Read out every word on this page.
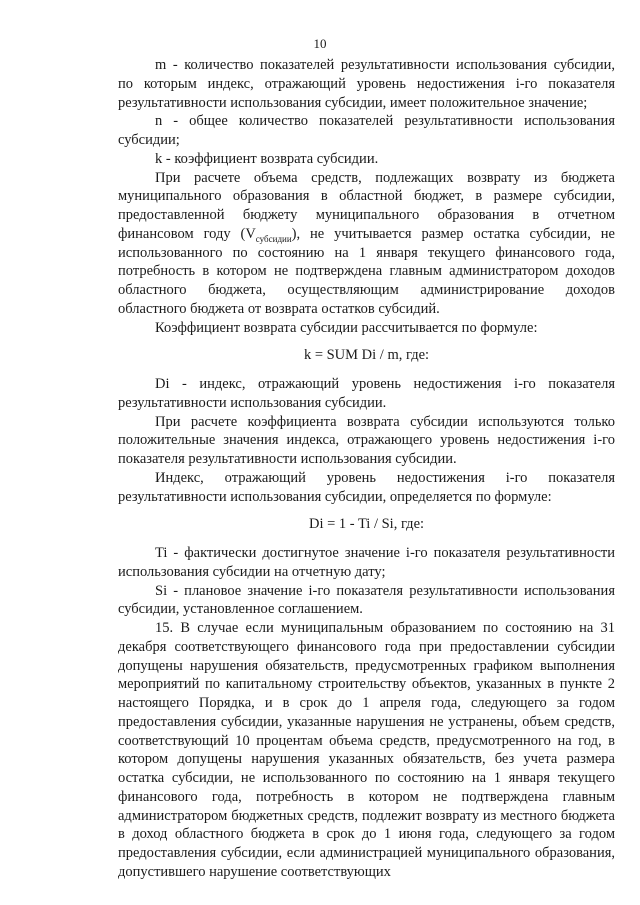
10

m - количество показателей результативности использования субсидии, по которым индекс, отражающий уровень недостижения i-го показателя результативности использования субсидии, имеет положительное значение;

n - общее количество показателей результативности использования субсидии;

k - коэффициент возврата субсидии.

При расчете объема средств, подлежащих возврату из бюджета муниципального образования в областной бюджет, в размере субсидии, предоставленной бюджету муниципального образования в отчетном финансовом году $(V_{субсидии})$, не учитывается размер остатка субсидии, не использованного по состоянию на 1 января текущего финансового года, потребность в котором не подтверждена главным администратором доходов областного бюджета, осуществляющим администрирование доходов областного бюджета от возврата остатков субсидий.

Коэффициент возврата субсидии рассчитывается по формуле:

k = SUM Di / m, где:

Di - индекс, отражающий уровень недостижения i-го показателя результативности использования субсидии.

При расчете коэффициента возврата субсидии используются только положительные значения индекса, отражающего уровень недостижения i-го показателя результативности использования субсидии.

Индекс, отражающий уровень недостижения i-го показателя результативности использования субсидии, определяется по формуле:

Di = 1 - Ti / Si, где:

Ti - фактически достигнутое значение i-го показателя результативности использования субсидии на отчетную дату;

Si - плановое значение i-го показателя результативности использования субсидии, установленное соглашением.

15. В случае если муниципальным образованием по состоянию на 31 декабря соответствующего финансового года при предоставлении субсидии допущены нарушения обязательств, предусмотренных графиком выполнения мероприятий по капитальному строительству объектов, указанных в пункте 2 настоящего Порядка, и в срок до 1 апреля года, следующего за годом предоставления субсидии, указанные нарушения не устранены, объем средств, соответствующий 10 процентам объема средств, предусмотренного на год, в котором допущены нарушения указанных обязательств, без учета размера остатка субсидии, не использованного по состоянию на 1 января текущего финансового года, потребность в котором не подтверждена главным администратором бюджетных средств, подлежит возврату из местного бюджета в доход областного бюджета в срок до 1 июня года, следующего за годом предоставления субсидии, если администрацией муниципального образования, допустившего нарушение соответствующих
